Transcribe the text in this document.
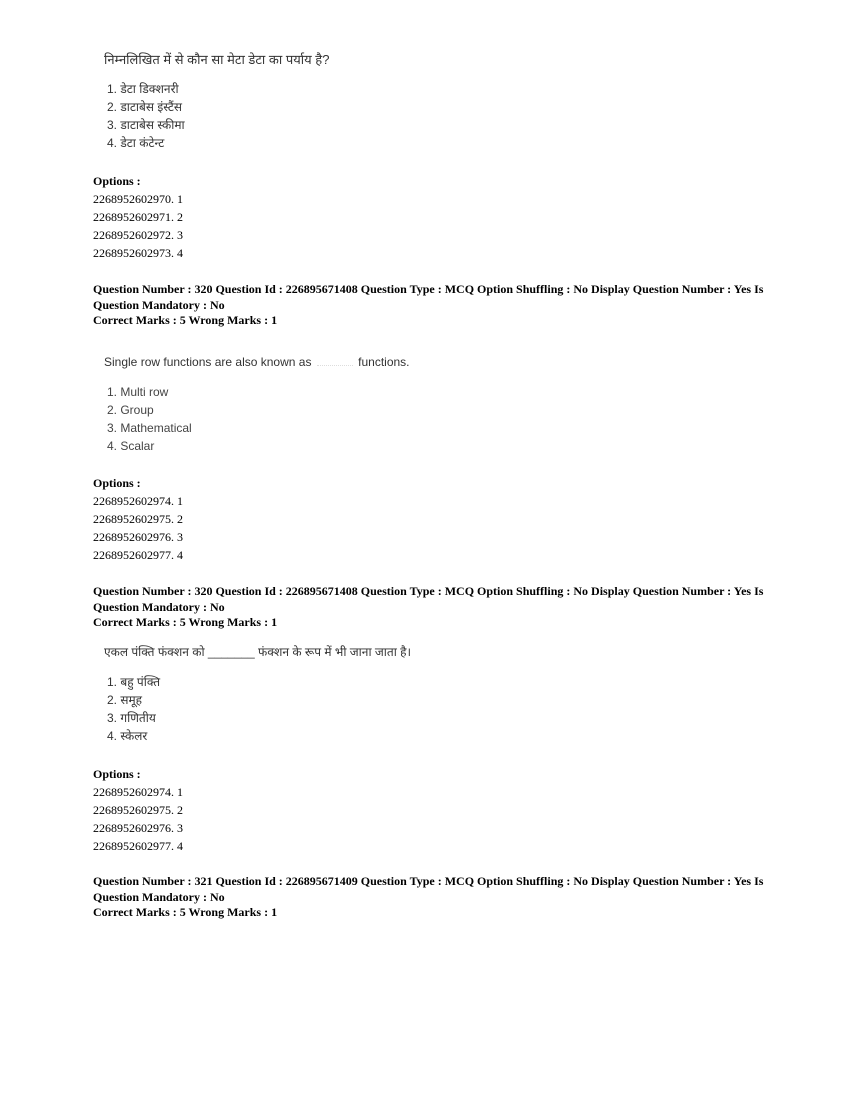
निम्नलिखित में से कौन सा मेटा डेटा का पर्याय है?
1. डेटा डिक्शनरी
2. डाटाबेस इंस्टैंस
3. डाटाबेस स्कीमा
4. डेटा कंटेन्ट
Options :
2268952602970. 1
2268952602971. 2
2268952602972. 3
2268952602973. 4
Question Number : 320 Question Id : 226895671408 Question Type : MCQ Option Shuffling : No Display Question Number : Yes Is
Question Mandatory : No
Correct Marks : 5 Wrong Marks : 1
Single row functions are also known as	functions.
1. Multi row
2. Group
3. Mathematical
4. Scalar
Options :
2268952602974. 1
2268952602975. 2
2268952602976. 3
2268952602977. 4
Question Number : 320 Question Id : 226895671408 Question Type : MCQ Option Shuffling : No Display Question Number : Yes Is
Question Mandatory : No
Correct Marks : 5 Wrong Marks : 1
एकल पंक्ति फंक्शन को _______ फंक्शन के रूप में भी जाना जाता है।
1. बहु पंक्ति
2. समूह
3. गणितीय
4. स्केलर
Options :
2268952602974. 1
2268952602975. 2
2268952602976. 3
2268952602977. 4
Question Number : 321 Question Id : 226895671409 Question Type : MCQ Option Shuffling : No Display Question Number : Yes Is
Question Mandatory : No
Correct Marks : 5 Wrong Marks : 1
